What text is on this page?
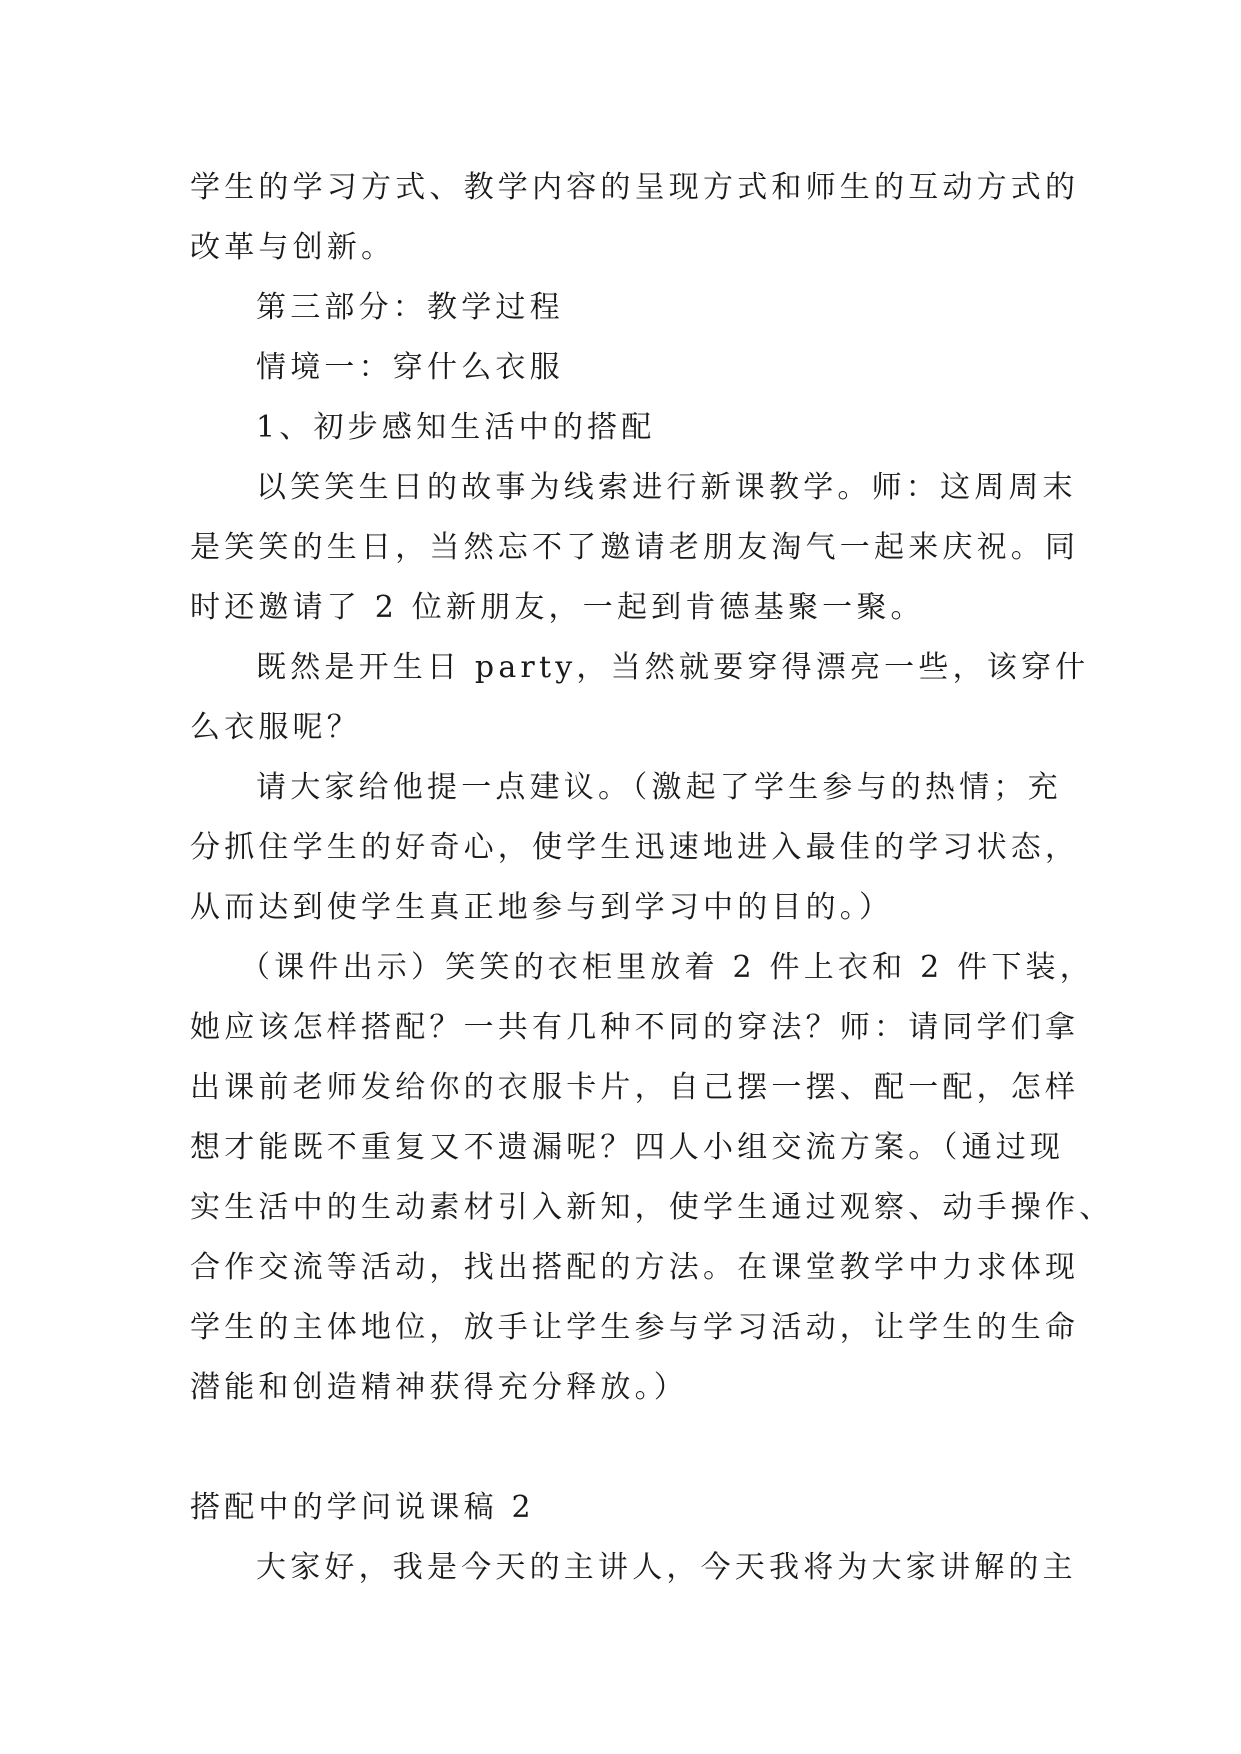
学生的学习方式、教学内容的呈现方式和师生的互动方式的

改革与创新。

第三部分：教学过程

情境一：穿什么衣服

1、初步感知生活中的搭配

以笑笑生日的故事为线索进行新课教学。师：这周周末

是笑笑的生日，当然忘不了邀请老朋友淘气一起来庆祝。同

时还邀请了 2 位新朋友，一起到肯德基聚一聚。

既然是开生日 party，当然就要穿得漂亮一些，该穿什

么衣服呢？

请大家给他提一点建议。（激起了学生参与的热情；充

分抓住学生的好奇心，使学生迅速地进入最佳的学习状态，

从而达到使学生真正地参与到学习中的目的。）

（课件出示）笑笑的衣柜里放着 2 件上衣和 2 件下装，

她应该怎样搭配？一共有几种不同的穿法？师：请同学们拿

出课前老师发给你的衣服卡片，自己摆一摆、配一配，怎样

想才能既不重复又不遗漏呢？四人小组交流方案。（通过现

实生活中的生动素材引入新知，使学生通过观察、动手操作、

合作交流等活动，找出搭配的方法。在课堂教学中力求体现

学生的主体地位，放手让学生参与学习活动，让学生的生命

潜能和创造精神获得充分释放。）

搭配中的学问说课稿 2

大家好，我是今天的主讲人，今天我将为大家讲解的主
